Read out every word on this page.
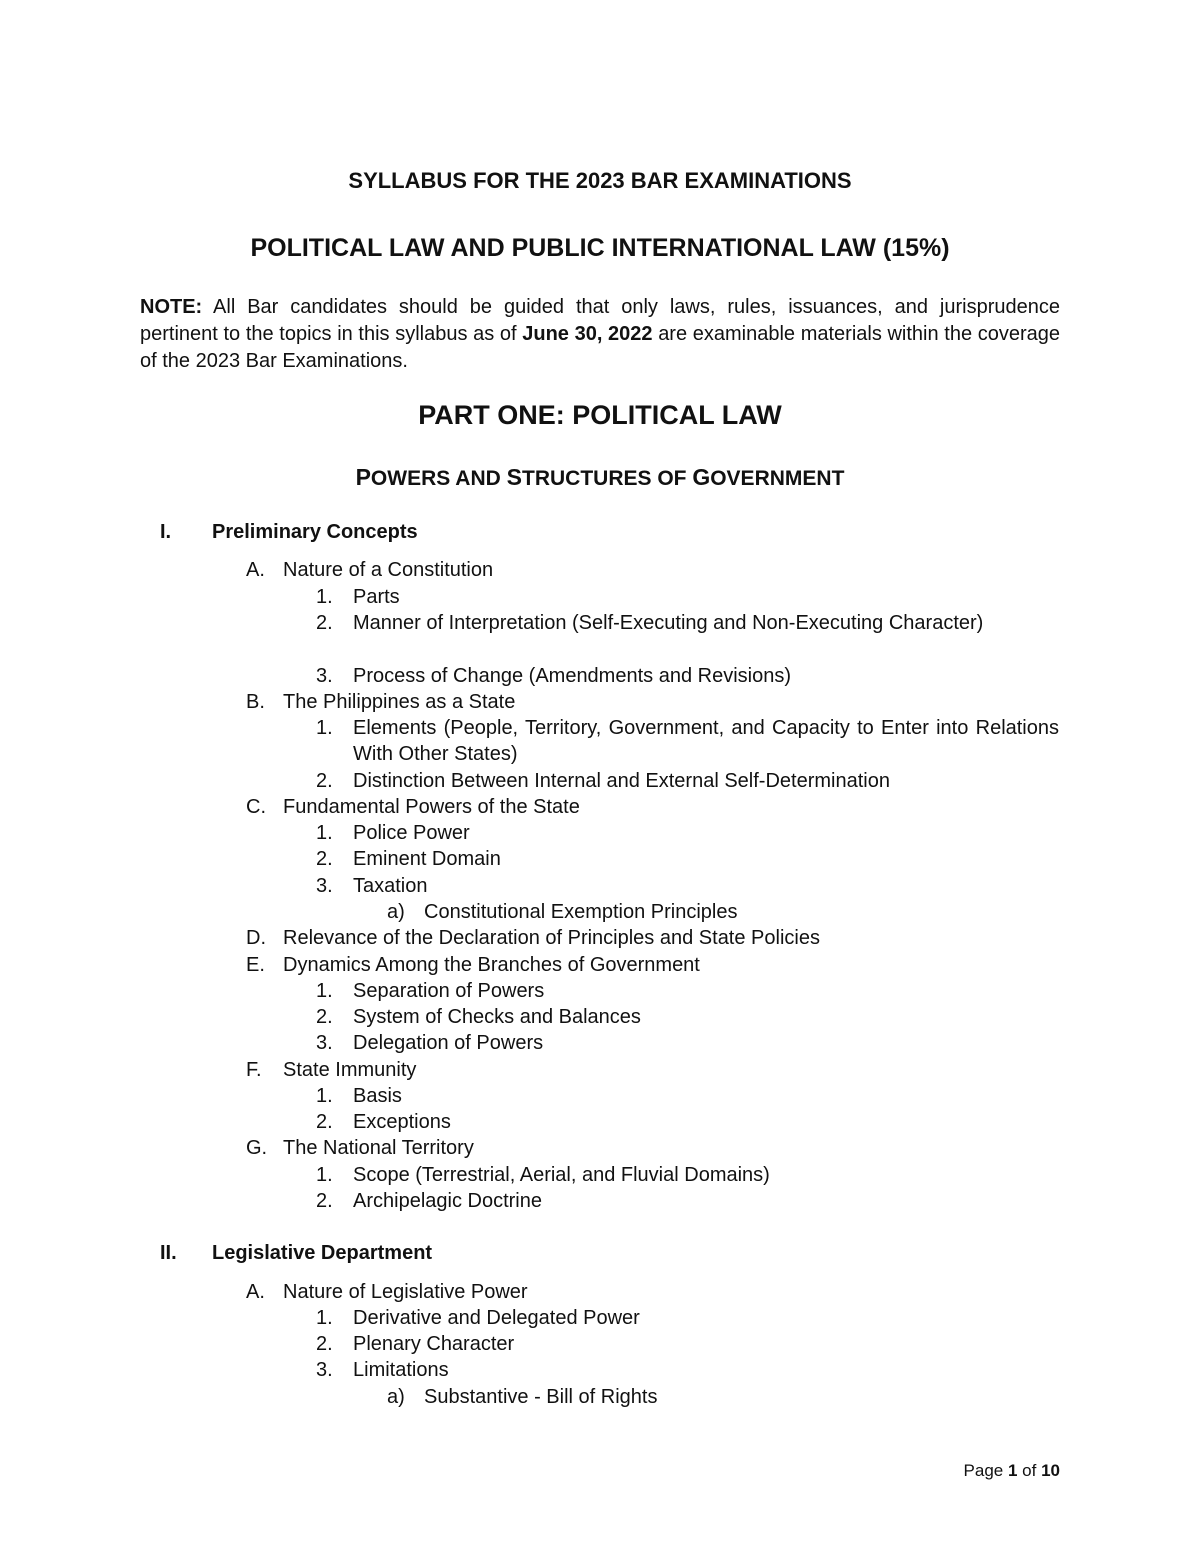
SYLLABUS FOR THE 2023 BAR EXAMINATIONS
POLITICAL LAW AND PUBLIC INTERNATIONAL LAW (15%)
NOTE: All Bar candidates should be guided that only laws, rules, issuances, and jurisprudence pertinent to the topics in this syllabus as of June 30, 2022 are examinable materials within the coverage of the 2023 Bar Examinations.
PART ONE: POLITICAL LAW
POWERS AND STRUCTURES OF GOVERNMENT
I. Preliminary Concepts
A. Nature of a Constitution
1. Parts
2. Manner of Interpretation (Self-Executing and Non-Executing Character)
3. Process of Change (Amendments and Revisions)
B. The Philippines as a State
1. Elements (People, Territory, Government, and Capacity to Enter into Relations With Other States)
2. Distinction Between Internal and External Self-Determination
C. Fundamental Powers of the State
1. Police Power
2. Eminent Domain
3. Taxation
a) Constitutional Exemption Principles
D. Relevance of the Declaration of Principles and State Policies
E. Dynamics Among the Branches of Government
1. Separation of Powers
2. System of Checks and Balances
3. Delegation of Powers
F. State Immunity
1. Basis
2. Exceptions
G. The National Territory
1. Scope (Terrestrial, Aerial, and Fluvial Domains)
2. Archipelagic Doctrine
II. Legislative Department
A. Nature of Legislative Power
1. Derivative and Delegated Power
2. Plenary Character
3. Limitations
a) Substantive - Bill of Rights
Page 1 of 10
